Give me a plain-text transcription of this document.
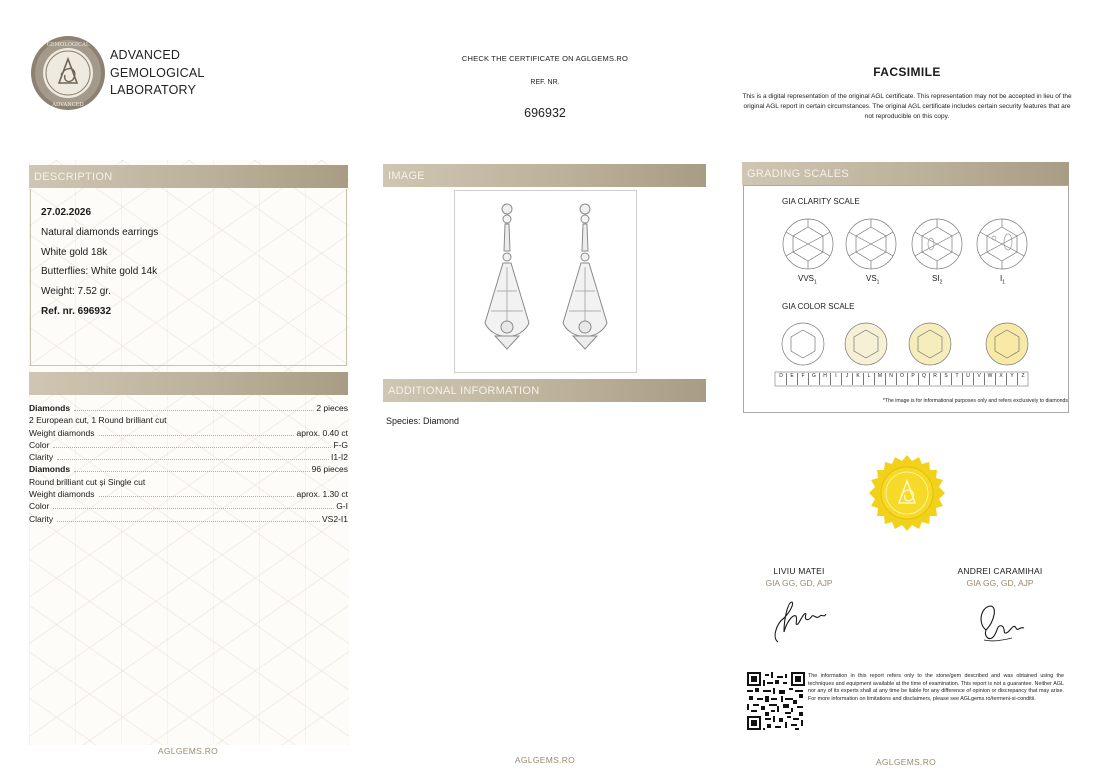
GEMOLOGICAL
ADVANCED
ADVANCED
GEMOLOGICAL
LABORATORY
CHECK THE CERTIFICATE ON AGLGEMS.RO
REF. NR.
696932
FACSIMILE
This is a digital representation of the original AGL certificate. This representation may not be accepted in lieu of the original AGL report in certain circumstances. The original AGL certificate includes certain security features that are not reproducible on this copy.
DESCRIPTION
27.02.2026
Natural diamonds earrings
White gold 18k
Butterflies: White gold 14k
Weight: 7.52 gr.
Ref. nr. 696932
Diamonds	2 pieces
2 European cut, 1 Round brilliant cut
Weight diamonds	aprox. 0.40 ct
Color	F-G
Clarity	I1-I2
Diamonds	96 pieces
Round brilliant cut și Single cut
Weight diamonds	aprox. 1.30 ct
Color	G-I
Clarity	VS2-I1
IMAGE
ADDITIONAL INFORMATION
Species: Diamond
GRADING SCALES
GIA CLARITY SCALE
$VVS_1$	$VS_1$	$SI_2$	$I_1$
GIA COLOR SCALE
D	E	F	G	H	I	J	K	L	M	N	O	P	Q	R	S	T	U	V	W	X	Y	Z
*The image is for informational purposes only and refers exclusively to diamonds
LIVIU MATEI
GIA GG, GD, AJP
ANDREI CARAMIHAI
GIA GG, GD, AJP
The information in this report refers only to the stone/gem described and was obtained using the techniques and equipment available at the time of examination. This report is not a guarantee. Neither AGL nor any of its experts shall at any time be liable for any difference of opinion or discrepancy that may arise. For more information on limitations and disclaimers, please see AGLgems.ro/termeni-si-conditii.
AGLGEMS.RO
AGLGEMS.RO	AGLGEMS.RO
